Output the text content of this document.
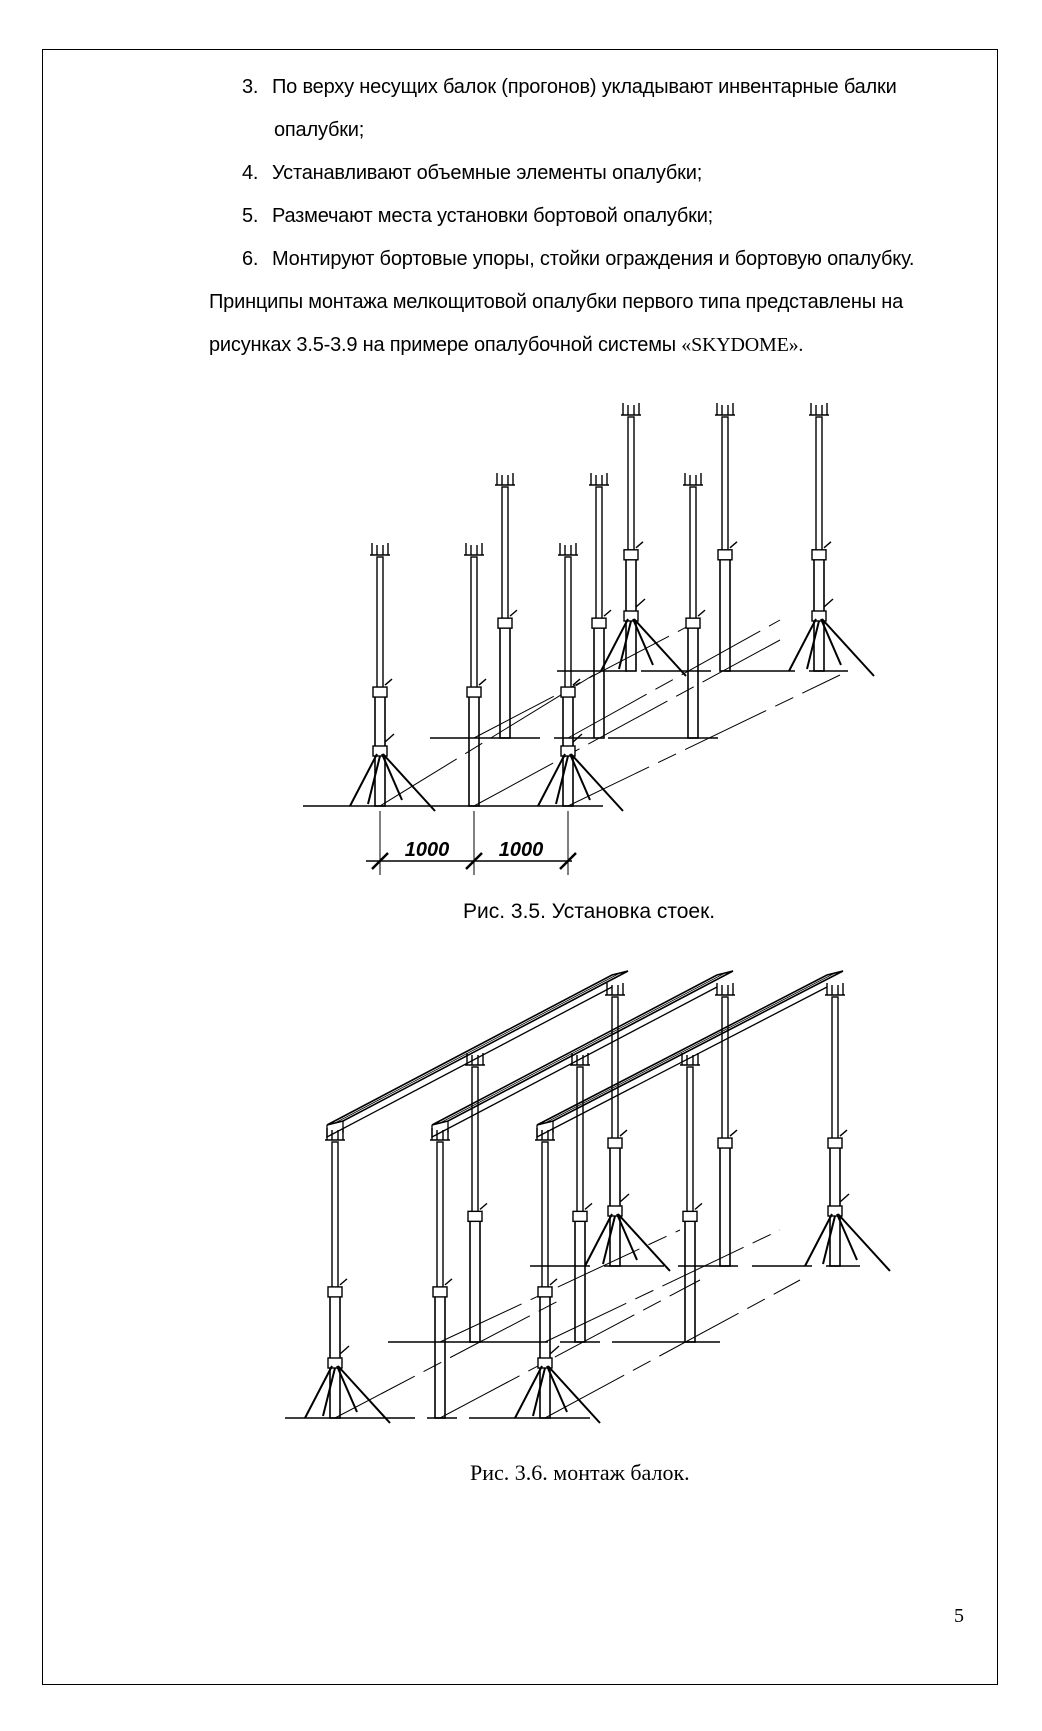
3. По верху несущих балок (прогонов) укладывают инвентарные балки
опалубки;
4. Устанавливают объемные элементы опалубки;
5. Размечают места установки бортовой опалубки;
6. Монтируют бортовые упоры, стойки ограждения и бортовую опалубку.
Принципы монтажа мелкощитовой опалубки первого типа представлены на
рисунках 3.5-3.9 на примере опалубочной системы «SKYDOME».
1000 1000
Рис. 3.5. Установка стоек.
Рис. 3.6. монтаж балок.
5
